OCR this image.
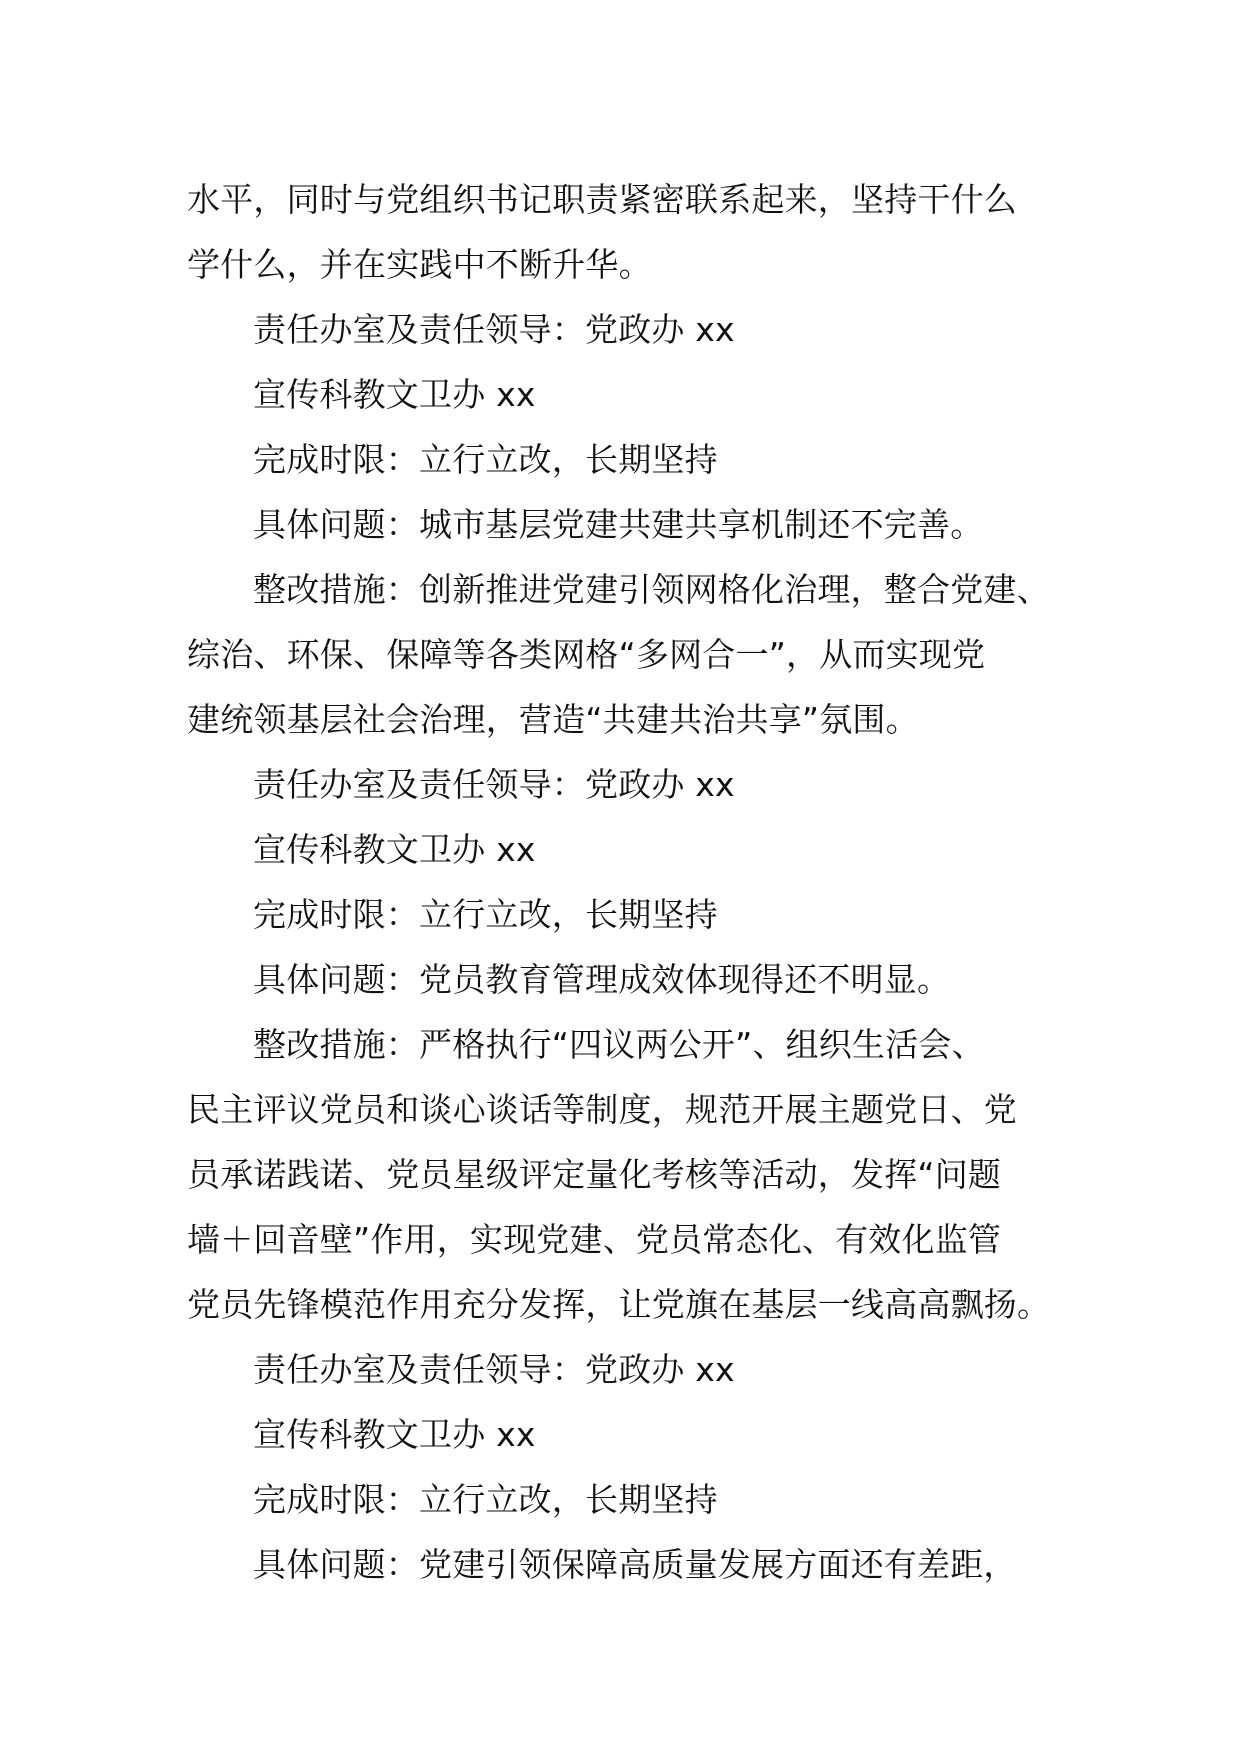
水平，同时与党组织书记职责紧密联系起来，坚持干什么

学什么，并在实践中不断升华。

责任办室及责任领导：党政办 xx

宣传科教文卫办 xx

完成时限：立行立改，长期坚持

具体问题：城市基层党建共建共享机制还不完善。

整改措施：创新推进党建引领网格化治理，整合党建、

综治、环保、保障等各类网格“多网合一”，从而实现党

建统领基层社会治理，营造“共建共治共享”氛围。

责任办室及责任领导：党政办 xx

宣传科教文卫办 xx

完成时限：立行立改，长期坚持

具体问题：党员教育管理成效体现得还不明显。

整改措施：严格执行“四议两公开”、组织生活会、

民主评议党员和谈心谈话等制度，规范开展主题党日、党

员承诺践诺、党员星级评定量化考核等活动，发挥“问题

墙＋回音壁”作用，实现党建、党员常态化、有效化监管

党员先锋模范作用充分发挥，让党旗在基层一线高高飘扬。

责任办室及责任领导：党政办 xx

宣传科教文卫办 xx

完成时限：立行立改，长期坚持

具体问题：党建引领保障高质量发展方面还有差距，
